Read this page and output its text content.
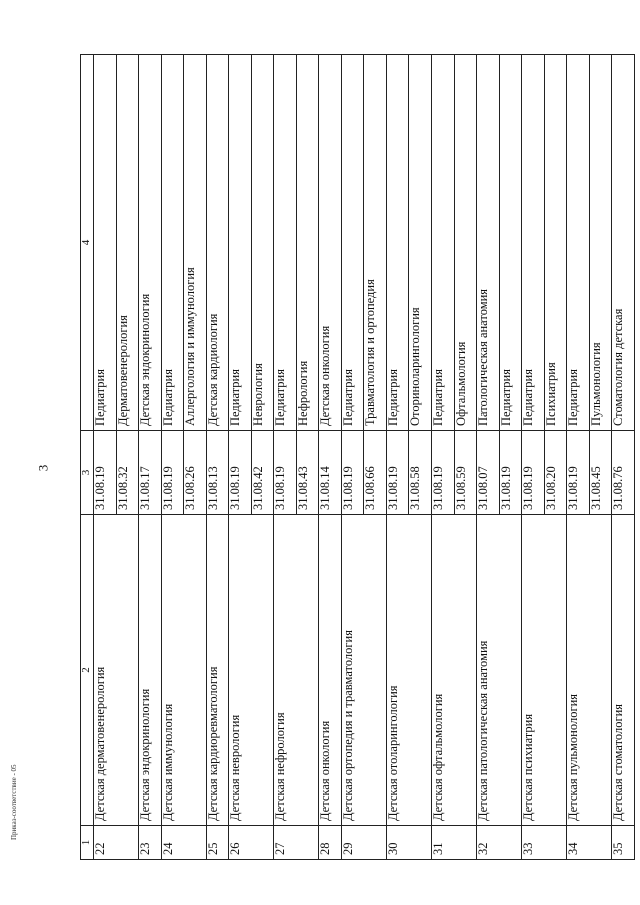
3
1	2	3	4
22	Детская дерматовенерология	31.08.19	Педиатрия
		31.08.32	Дерматовенерология
23	Детская эндокринология	31.08.17	Детская эндокринология
24	Детская иммунология	31.08.19	Педиатрия
		31.08.26	Аллергология и иммунология
25	Детская кардиоревматология	31.08.13	Детская кардиология
26	Детская неврология	31.08.19	Педиатрия
		31.08.42	Неврология
27	Детская нефрология	31.08.19	Педиатрия
		31.08.43	Нефрология
28	Детская онкология	31.08.14	Детская онкология
29	Детская ортопедия и травматология	31.08.19	Педиатрия
		31.08.66	Травматология и ортопедия
30	Детская отоларингология	31.08.19	Педиатрия
		31.08.58	Оториноларингология
31	Детская офтальмология	31.08.19	Педиатрия
		31.08.59	Офтальмология
32	Детская патологическая анатомия	31.08.07	Патологическая анатомия
		31.08.19	Педиатрия
33	Детская психиатрия	31.08.19	Педиатрия
		31.08.20	Психиатрия
34	Детская пульмонология	31.08.19	Педиатрия
		31.08.45	Пульмонология
35	Детская стоматология	31.08.76	Стоматология детская
Приказ-соответствие - 05
